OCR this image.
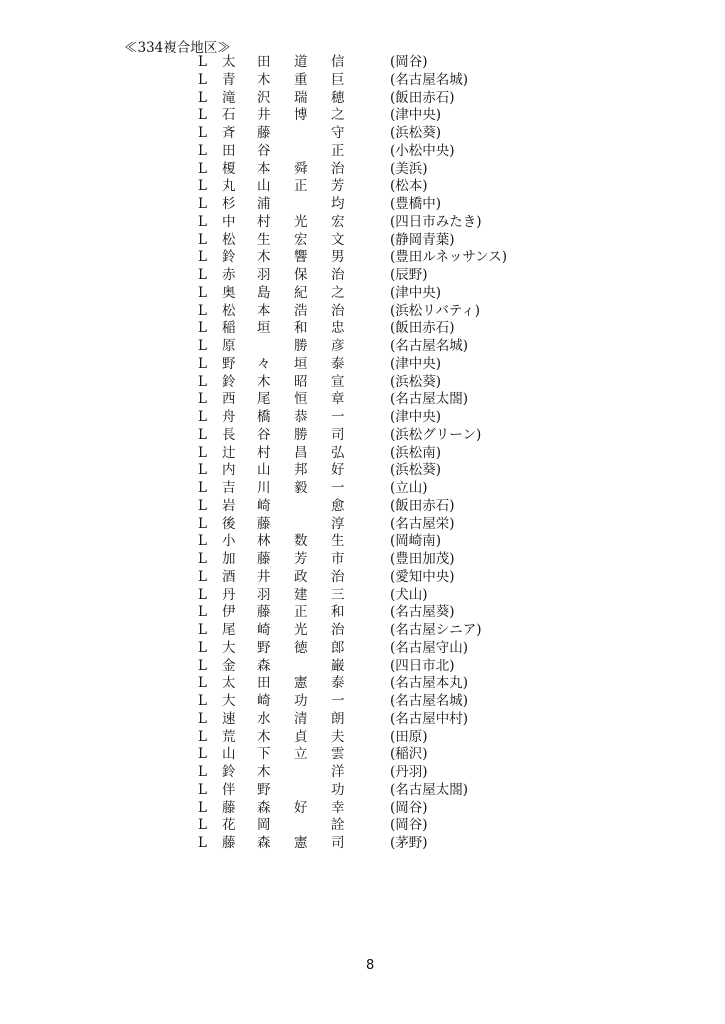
≪334複合地区≫
L 太 田 道 信	(岡谷)
L 青 木 重 巨	(名古屋名城)
L 滝 沢 瑞 穂	(飯田赤石)
L 石 井 博 之	(津中央)
L 斉 藤	守	(浜松葵)
L 田 谷	正	(小松中央)
L 榎 本 舜 治	(美浜)
L 丸 山 正 芳	(松本)
L 杉 浦	均	(豊橋中)
L 中 村 光 宏	(四日市みたき)
L 松 生 宏 文	(静岡青葉)
L 鈴 木 響 男	(豊田ルネッサンス)
L 赤 羽 保 治	(辰野)
L 奥 島 紀 之	(津中央)
L 松 本 浩 治	(浜松リバティ)
L 稲 垣 和 忠	(飯田赤石)
L 原	勝 彦	(名古屋名城)
L 野 々 垣 泰	(津中央)
L 鈴 木 昭 宣	(浜松葵)
L 西 尾 恒 章	(名古屋太閤)
L 舟 橋 恭 一	(津中央)
L 長 谷 勝 司	(浜松グリーン)
L 辻 村 昌 弘	(浜松南)
L 内 山 邦 好	(浜松葵)
L 吉 川 毅 一	(立山)
L 岩 崎	愈	(飯田赤石)
L 後 藤	淳	(名古屋栄)
L 小 林 数 生	(岡崎南)
L 加 藤 芳 市	(豊田加茂)
L 酒 井 政 治	(愛知中央)
L 丹 羽 建 三	(犬山)
L 伊 藤 正 和	(名古屋葵)
L 尾 崎 光 治	(名古屋シニア)
L 大 野 徳 郎	(名古屋守山)
L 金 森	巌	(四日市北)
L 太 田 憲 泰	(名古屋本丸)
L 大 崎 功 一	(名古屋名城)
L 速 水 清 朗	(名古屋中村)
L 荒 木 貞 夫	(田原)
L 山 下 立 雲	(稲沢)
L 鈴 木	洋	(丹羽)
L 伴 野	功	(名古屋太閤)
L 藤 森 好 幸	(岡谷)
L 花 岡	詮	(岡谷)
L 藤 森 憲 司	(茅野)
8
